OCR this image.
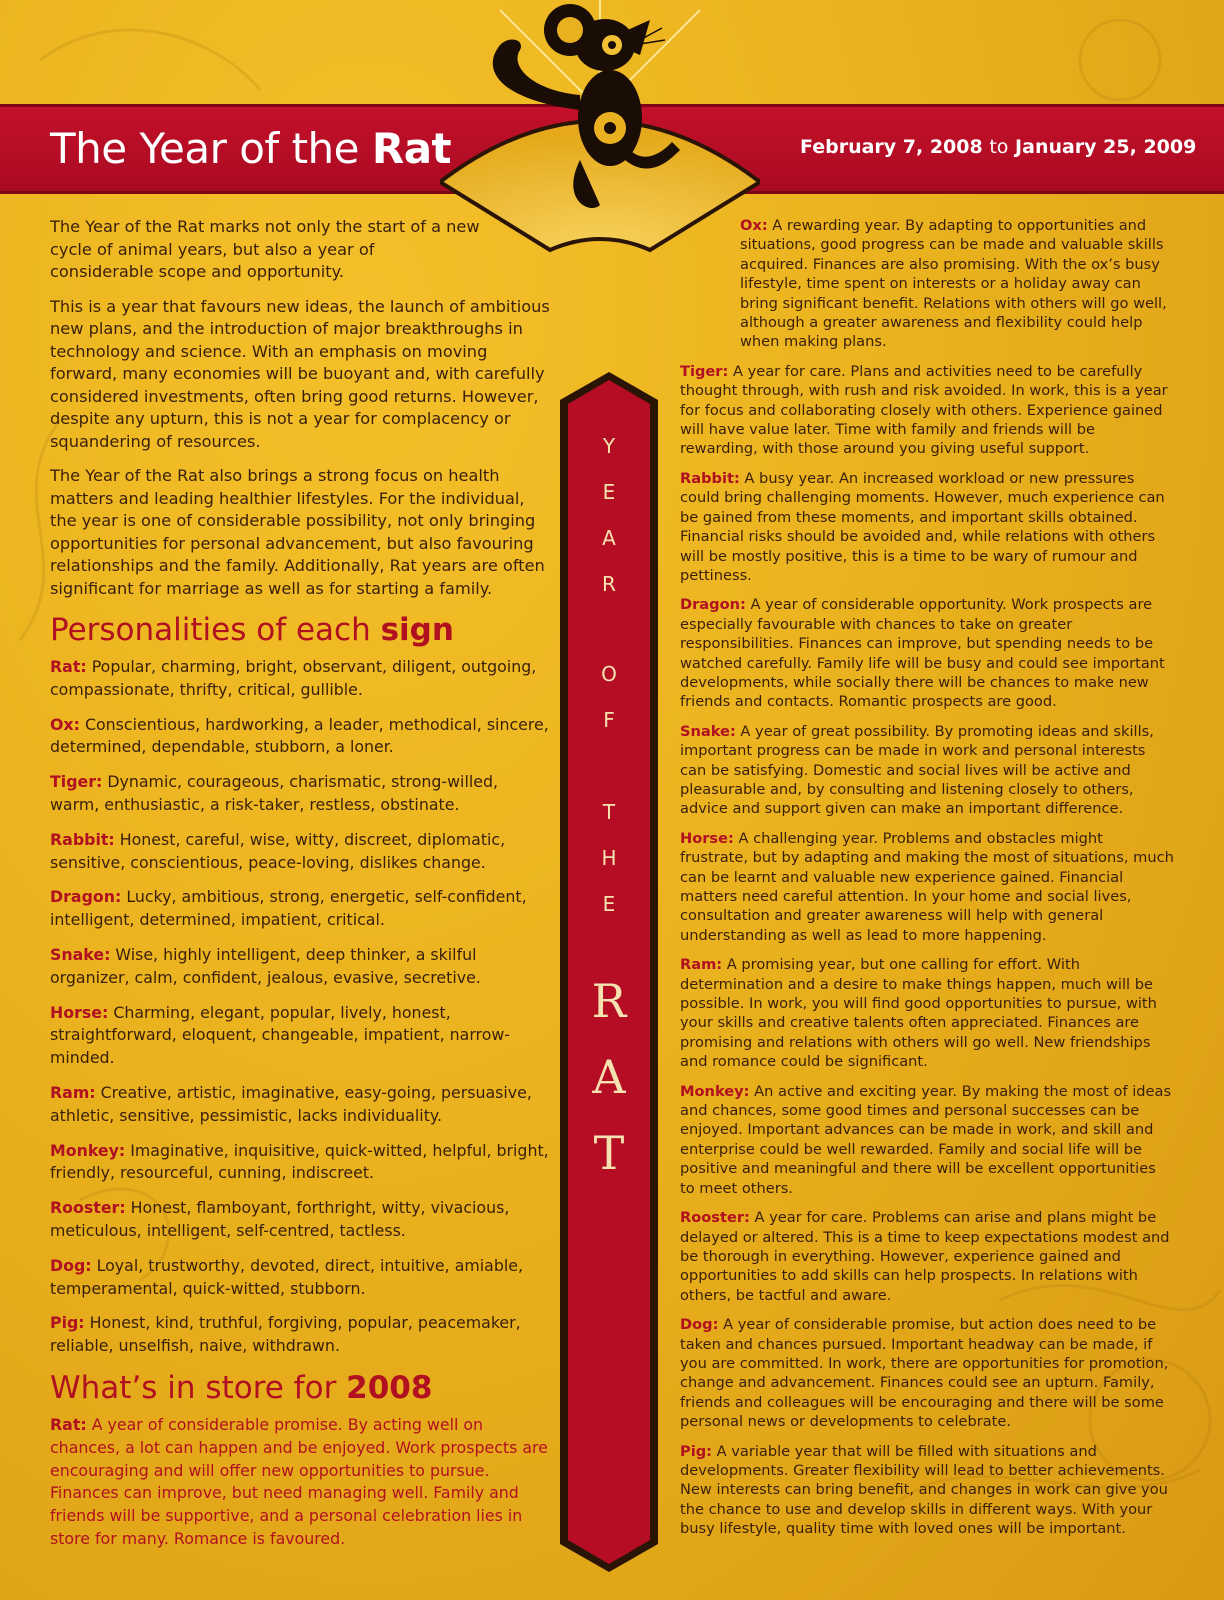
The Year of the Rat	February 7, 2008 to January 25, 2009
Y
E
A
R
O
F
T
H
E
R
A
T

The Year of the Rat marks not only the start of a new cycle of animal years, but also a year of considerable scope and opportunity.

This is a year that favours new ideas, the launch of ambitious new plans, and the introduction of major breakthroughs in technology and science. With an emphasis on moving forward, many economies will be buoyant and, with carefully considered investments, often bring good returns. However, despite any upturn, this is not a year for complacency or squandering of resources.

The Year of the Rat also brings a strong focus on health matters and leading healthier lifestyles. For the individual, the year is one of considerable possibility, not only bringing opportunities for personal advancement, but also favouring relationships and the family. Additionally, Rat years are often significant for marriage as well as for starting a family.

Personalities of each sign

Rat: Popular, charming, bright, observant, diligent, outgoing, compassionate, thrifty, critical, gullible.

Ox: Conscientious, hardworking, a leader, methodical, sincere, determined, dependable, stubborn, a loner.

Tiger: Dynamic, courageous, charismatic, strong-willed, warm, enthusiastic, a risk-taker, restless, obstinate.

Rabbit: Honest, careful, wise, witty, discreet, diplomatic, sensitive, conscientious, peace-loving, dislikes change.

Dragon: Lucky, ambitious, strong, energetic, self-confident, intelligent, determined, impatient, critical.

Snake: Wise, highly intelligent, deep thinker, a skilful organizer, calm, confident, jealous, evasive, secretive.

Horse: Charming, elegant, popular, lively, honest, straightforward, eloquent, changeable, impatient, narrow-minded.

Ram: Creative, artistic, imaginative, easy-going, persuasive, athletic, sensitive, pessimistic, lacks individuality.

Monkey: Imaginative, inquisitive, quick-witted, helpful, bright, friendly, resourceful, cunning, indiscreet.

Rooster: Honest, flamboyant, forthright, witty, vivacious, meticulous, intelligent, self-centred, tactless.

Dog: Loyal, trustworthy, devoted, direct, intuitive, amiable, temperamental, quick-witted, stubborn.

Pig: Honest, kind, truthful, forgiving, popular, peacemaker, reliable, unselfish, naive, withdrawn.

What’s in store for 2008

Rat: A year of considerable promise. By acting well on chances, a lot can happen and be enjoyed. Work prospects are encouraging and will offer new opportunities to pursue. Finances can improve, but need managing well. Family and friends will be supportive, and a personal celebration lies in store for many. Romance is favoured.

Ox: A rewarding year. By adapting to opportunities and situations, good progress can be made and valuable skills acquired. Finances are also promising. With the ox’s busy lifestyle, time spent on interests or a holiday away can bring significant benefit. Relations with others will go well, although a greater awareness and flexibility could help when making plans.

Tiger: A year for care. Plans and activities need to be carefully thought through, with rush and risk avoided. In work, this is a year for focus and collaborating closely with others. Experience gained will have value later. Time with family and friends will be rewarding, with those around you giving useful support.

Rabbit: A busy year. An increased workload or new pressures could bring challenging moments. However, much experience can be gained from these moments, and important skills obtained. Financial risks should be avoided and, while relations with others will be mostly positive, this is a time to be wary of rumour and pettiness.

Dragon: A year of considerable opportunity. Work prospects are especially favourable with chances to take on greater responsibilities. Finances can improve, but spending needs to be watched carefully. Family life will be busy and could see important developments, while socially there will be chances to make new friends and contacts. Romantic prospects are good.

Snake: A year of great possibility. By promoting ideas and skills, important progress can be made in work and personal interests can be satisfying. Domestic and social lives will be active and pleasurable and, by consulting and listening closely to others, advice and support given can make an important difference.

Horse: A challenging year. Problems and obstacles might frustrate, but by adapting and making the most of situations, much can be learnt and valuable new experience gained. Financial matters need careful attention. In your home and social lives, consultation and greater awareness will help with general understanding as well as lead to more happening.

Ram: A promising year, but one calling for effort. With determination and a desire to make things happen, much will be possible. In work, you will find good opportunities to pursue, with your skills and creative talents often appreciated. Finances are promising and relations with others will go well. New friendships and romance could be significant.

Monkey: An active and exciting year. By making the most of ideas and chances, some good times and personal successes can be enjoyed. Important advances can be made in work, and skill and enterprise could be well rewarded. Family and social life will be positive and meaningful and there will be excellent opportunities to meet others.

Rooster: A year for care. Problems can arise and plans might be delayed or altered. This is a time to keep expectations modest and be thorough in everything. However, experience gained and opportunities to add skills can help prospects. In relations with others, be tactful and aware.

Dog: A year of considerable promise, but action does need to be taken and chances pursued. Important headway can be made, if you are committed. In work, there are opportunities for promotion, change and advancement. Finances could see an upturn. Family, friends and colleagues will be encouraging and there will be some personal news or developments to celebrate.

Pig: A variable year that will be filled with situations and developments. Greater flexibility will lead to better achievements. New interests can bring benefit, and changes in work can give you the chance to use and develop skills in different ways. With your busy lifestyle, quality time with loved ones will be important.
